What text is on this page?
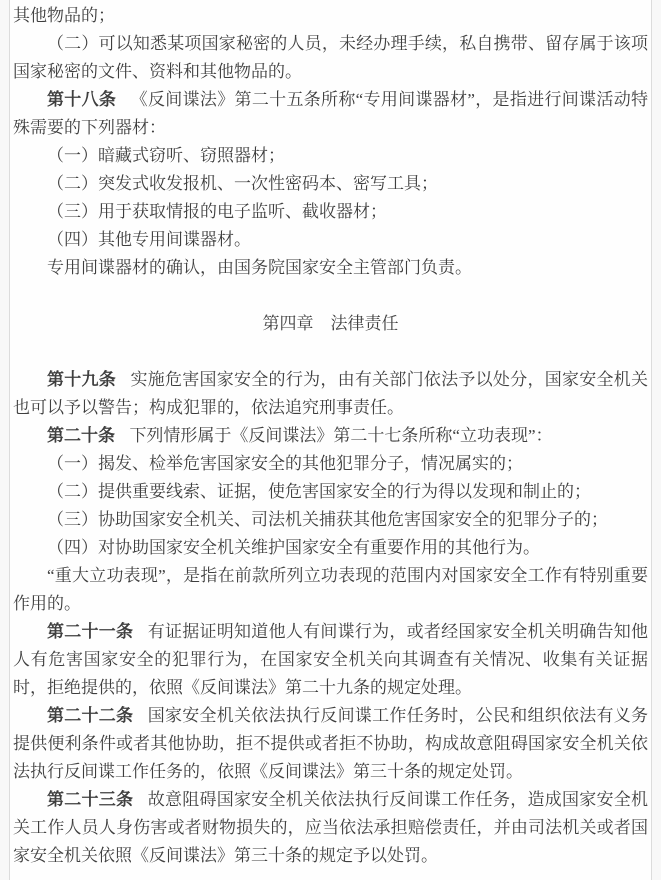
其他物品的；

（二）可以知悉某项国家秘密的人员，未经办理手续，私自携带、留存属于该项国家秘密的文件、资料和其他物品的。

第十八条 《反间谍法》第二十五条所称“专用间谍器材”，是指进行间谍活动特殊需要的下列器材：

（一）暗藏式窃听、窃照器材；

（二）突发式收发报机、一次性密码本、密写工具；

（三）用于获取情报的电子监听、截收器材；

（四）其他专用间谍器材。

专用间谍器材的确认，由国务院国家安全主管部门负责。

第四章　法律责任

第十九条 实施危害国家安全的行为，由有关部门依法予以处分，国家安全机关也可以予以警告；构成犯罪的，依法追究刑事责任。

第二十条 下列情形属于《反间谍法》第二十七条所称“立功表现”：

（一）揭发、检举危害国家安全的其他犯罪分子，情况属实的；

（二）提供重要线索、证据，使危害国家安全的行为得以发现和制止的；

（三）协助国家安全机关、司法机关捕获其他危害国家安全的犯罪分子的；

（四）对协助国家安全机关维护国家安全有重要作用的其他行为。

“重大立功表现”，是指在前款所列立功表现的范围内对国家安全工作有特别重要作用的。

第二十一条 有证据证明知道他人有间谍行为，或者经国家安全机关明确告知他人有危害国家安全的犯罪行为，在国家安全机关向其调查有关情况、收集有关证据时，拒绝提供的，依照《反间谍法》第二十九条的规定处理。

第二十二条 国家安全机关依法执行反间谍工作任务时，公民和组织依法有义务提供便利条件或者其他协助，拒不提供或者拒不协助，构成故意阻碍国家安全机关依法执行反间谍工作任务的，依照《反间谍法》第三十条的规定处罚。

第二十三条 故意阻碍国家安全机关依法执行反间谍工作任务，造成国家安全机关工作人员人身伤害或者财物损失的，应当依法承担赔偿责任，并由司法机关或者国家安全机关依照《反间谍法》第三十条的规定予以处罚。
